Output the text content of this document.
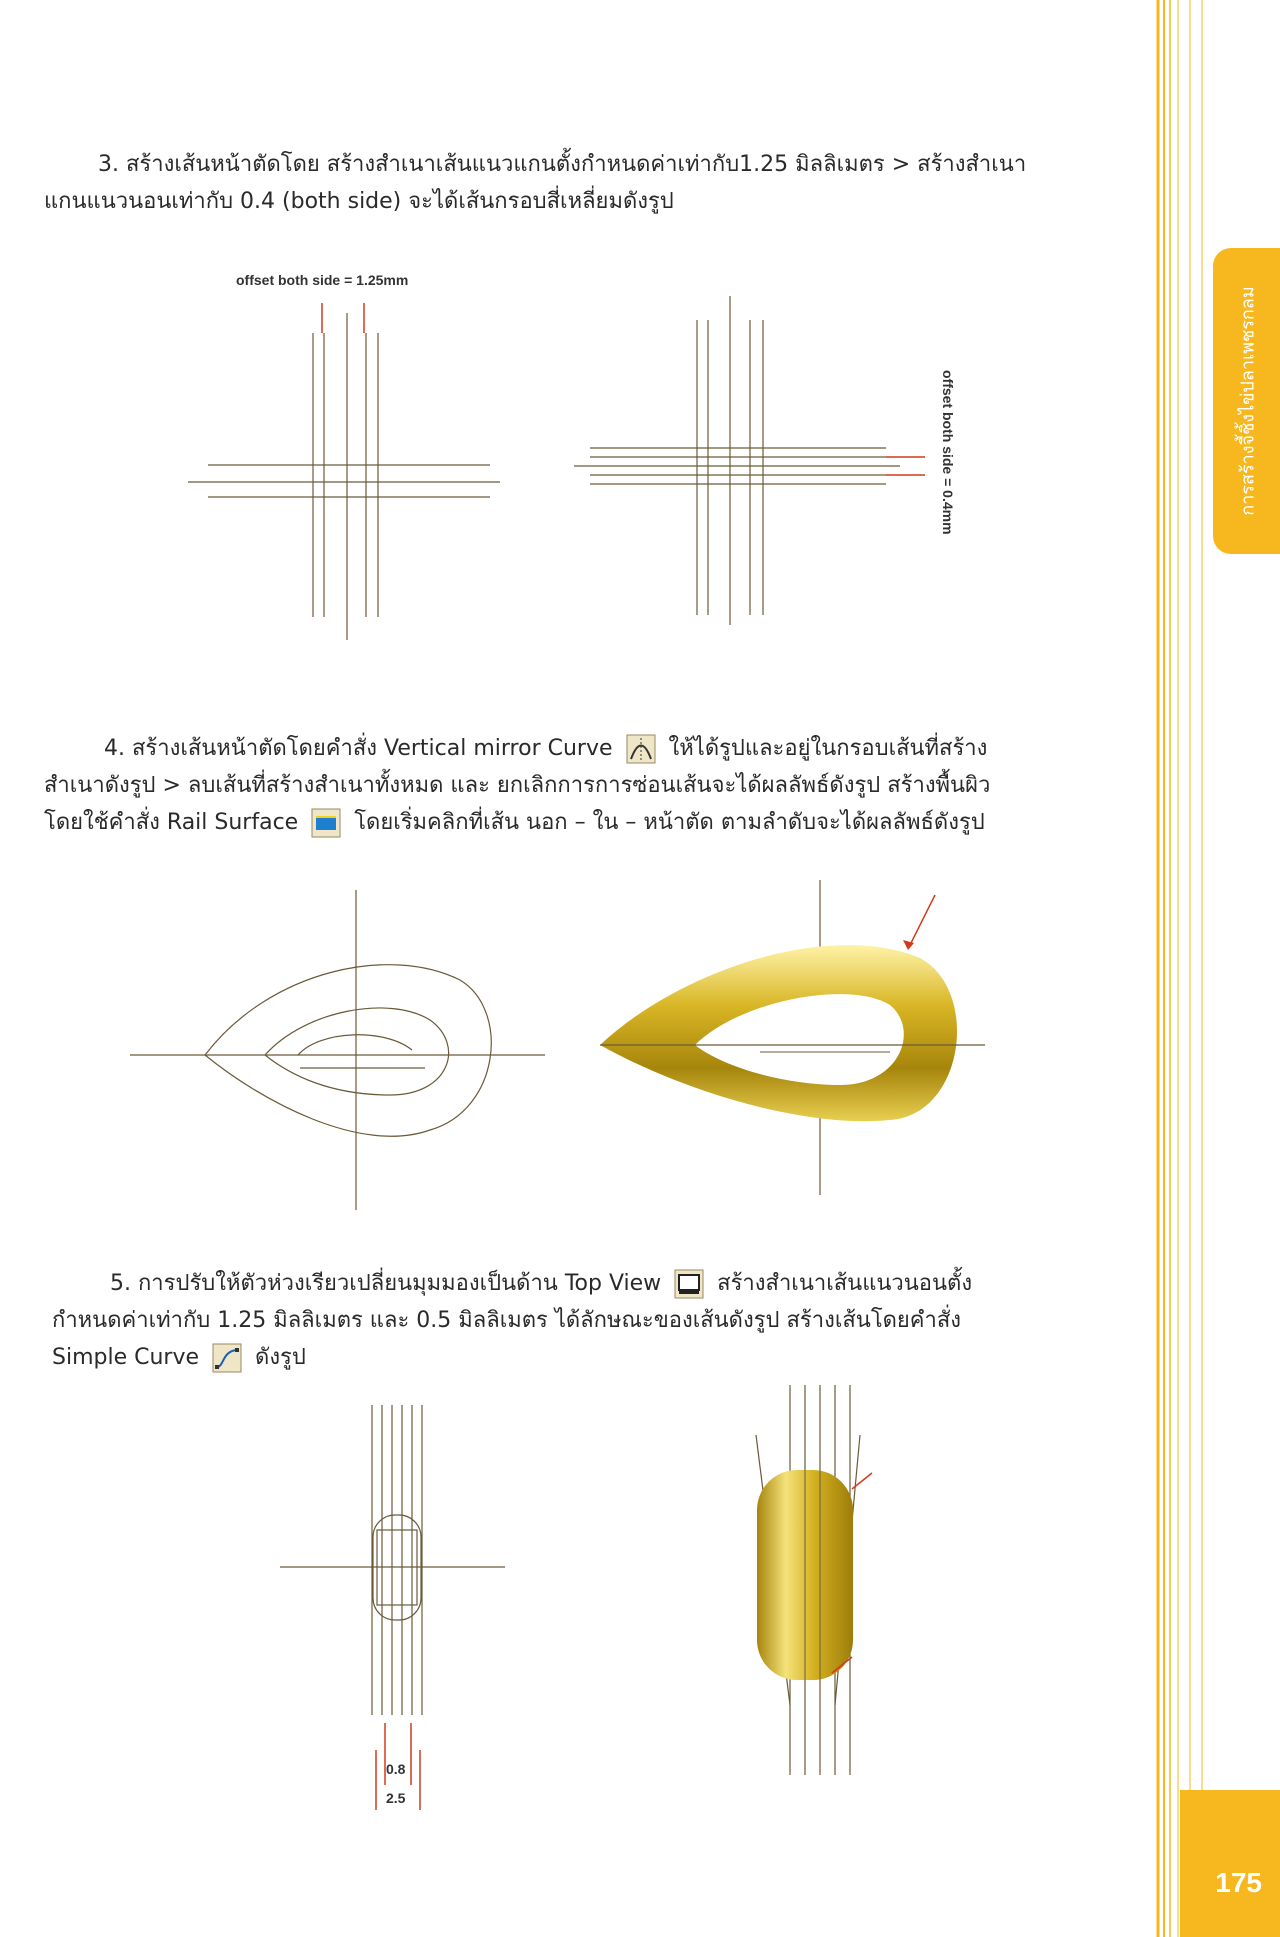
การสร้างจี้ชิ้งไข่ปลาเพชรกลม
175

3. สร้างเส้นหน้าตัดโดย สร้างสำเนาเส้นแนวแกนตั้งกำหนดค่าเท่ากับ1.25 มิลลิเมตร > สร้างสำเนา

แกนแนวนอนเท่ากับ 0.4 (both side) จะได้เส้นกรอบสี่เหลี่ยมดังรูป

offset both side = 1.25mm
offset both side = 0.4mm

4. สร้างเส้นหน้าตัดโดยคำสั่ง Vertical mirror Curve	ให้ได้รูปและอยู่ในกรอบเส้นที่สร้าง

สำเนาดังรูป > ลบเส้นที่สร้างสำเนาทั้งหมด และ ยกเลิกการการซ่อนเส้นจะได้ผลลัพธ์ดังรูป สร้างพื้นผิว

โดยใช้คำสั่ง Rail Surface	โดยเริ่มคลิกที่เส้น นอก – ใน – หน้าตัด ตามลำดับจะได้ผลลัพธ์ดังรูป

5. การปรับให้ตัวห่วงเรียวเปลี่ยนมุมมองเป็นด้าน Top View	สร้างสำเนาเส้นแนวนอนตั้ง

กำหนดค่าเท่ากับ 1.25 มิลลิเมตร และ 0.5 มิลลิเมตร ได้ลักษณะของเส้นดังรูป สร้างเส้นโดยคำสั่ง

Simple Curve	ดังรูป

0.8
2.5
